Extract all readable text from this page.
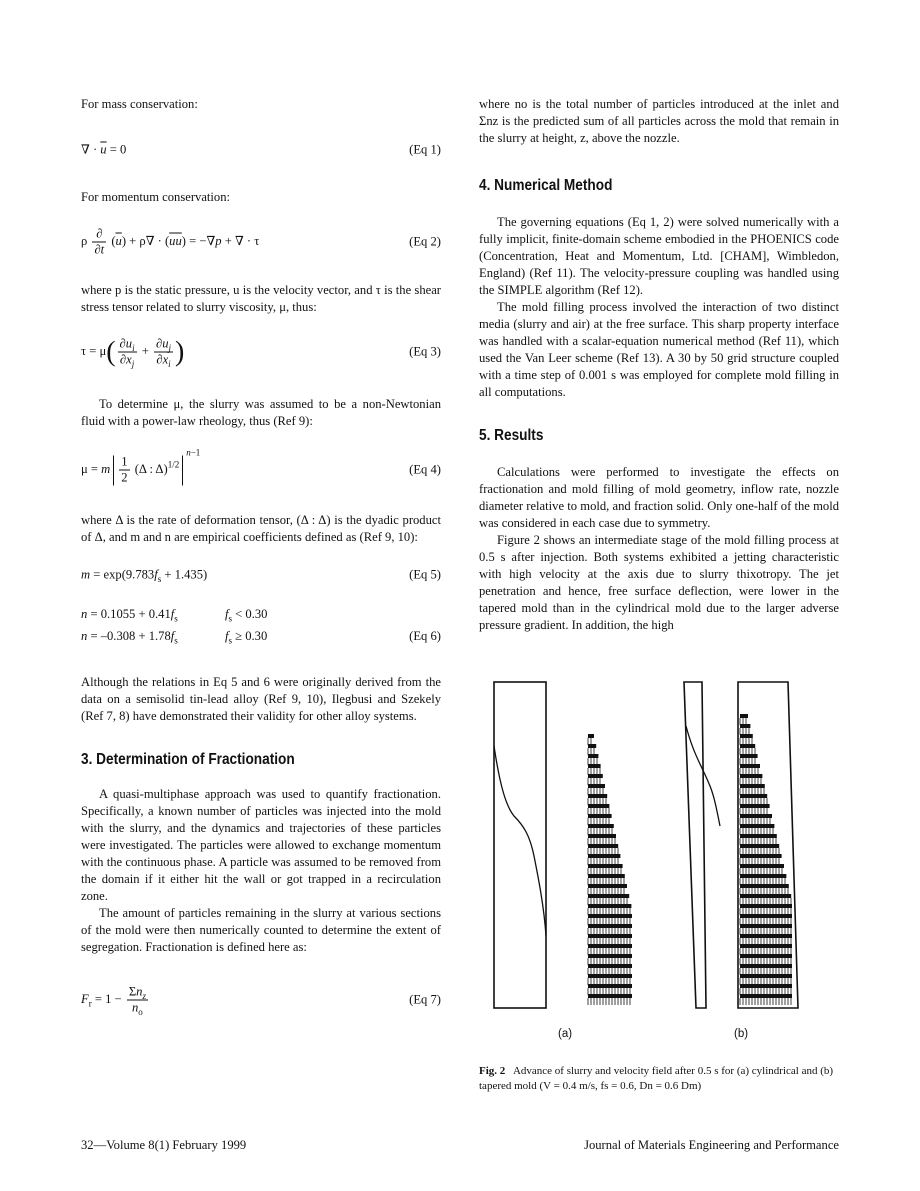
For mass conservation:

∇ · $\overline{u} = 0$	(Eq 1)

For momentum conservation:

ρ $\frac{\partial}{\partial t} (\overline{u}) + \rho\nabla \cdot (\overline{uu}) = -\nabla p$ + ∇ · τ	(Eq 2)

where p is the static pressure, u is the velocity vector, and τ is the shear stress tensor related to slurry viscosity, μ, thus:

$\tau = \mu( \frac{\partial u_i}{\partial x_j} + \frac{\partial u_j}{\partial x_i}$ )	(Eq 3)

To determine μ, the slurry was assumed to be a non-Newtonian fluid with a power-law rheology, thus (Ref 9):

μ = m $\frac{1}{2} (\Delta$ : Δ)$^{1/2n-1}$
(Eq 4)

where Δ is the rate of deformation tensor, (Δ : Δ) is the dyadic product of Δ, and m and n are empirical coefficients defined as (Ref 9, 10):

$m = \exp(9.783f_s + 1.435)$	(Eq 5)
$n = 0.1055 + 0.41f_s$	$f_s < 0.30$
$n = -0.308 + 1.78f_s$	$f_s \ge 0.30$	(Eq 6)

Although the relations in Eq 5 and 6 were originally derived from the data on a semisolid tin-lead alloy (Ref 9, 10), Ilegbusi and Szekely (Ref 7, 8) have demonstrated their validity for other alloy systems.

3. Determination of Fractionation

A quasi-multiphase approach was used to quantify fractionation. Specifically, a known number of particles was injected into the mold with the slurry, and the dynamics and trajectories of these particles were investigated. The particles were allowed to exchange momentum with the continuous phase. A particle was assumed to be removed from the domain if it either hit the wall or got trapped in a recirculation zone.

The amount of particles remaining in the slurry at various sections of the mold were then numerically counted to determine the extent of segregation. Fractionation is defined here as:

$F_r = 1 - \frac{\Sigma n_z}{n_o}$	(Eq 7)

where no is the total number of particles introduced at the inlet and Σnz is the predicted sum of all particles across the mold that remain in the slurry at height, z, above the nozzle.

4. Numerical Method

The governing equations (Eq 1, 2) were solved numerically with a fully implicit, finite-domain scheme embodied in the PHOENICS code (Concentration, Heat and Momentum, Ltd. [CHAM], Wimbledon, England) (Ref 11). The velocity-pressure coupling was handled using the SIMPLE algorithm (Ref 12).

The mold filling process involved the interaction of two distinct media (slurry and air) at the free surface. This sharp property interface was handled with a scalar-equation numerical method (Ref 11), which used the Van Leer scheme (Ref 13). A 30 by 50 grid structure coupled with a time step of 0.001 s was employed for complete mold filling in all computations.

5. Results

Calculations were performed to investigate the effects on fractionation and mold filling of mold geometry, inflow rate, nozzle diameter relative to mold, and fraction solid. Only one-half of the mold was considered in each case due to symmetry.

Figure 2 shows an intermediate stage of the mold filling process at 0.5 s after injection. Both systems exhibited a jetting characteristic with high velocity at the axis due to slurry thixotropy. The jet penetration and hence, free surface deflection, were lower in the tapered mold than in the cylindrical mold due to the larger adverse pressure gradient. In addition, the high

(a)	(b)
Fig. 2 Advance of slurry and velocity field after 0.5 s for (a) cylindrical and (b) tapered mold (V = 0.4 m/s, fs = 0.6, Dn = 0.6 Dm)
32—Volume 8(1) February 1999	Journal of Materials Engineering and Performance
